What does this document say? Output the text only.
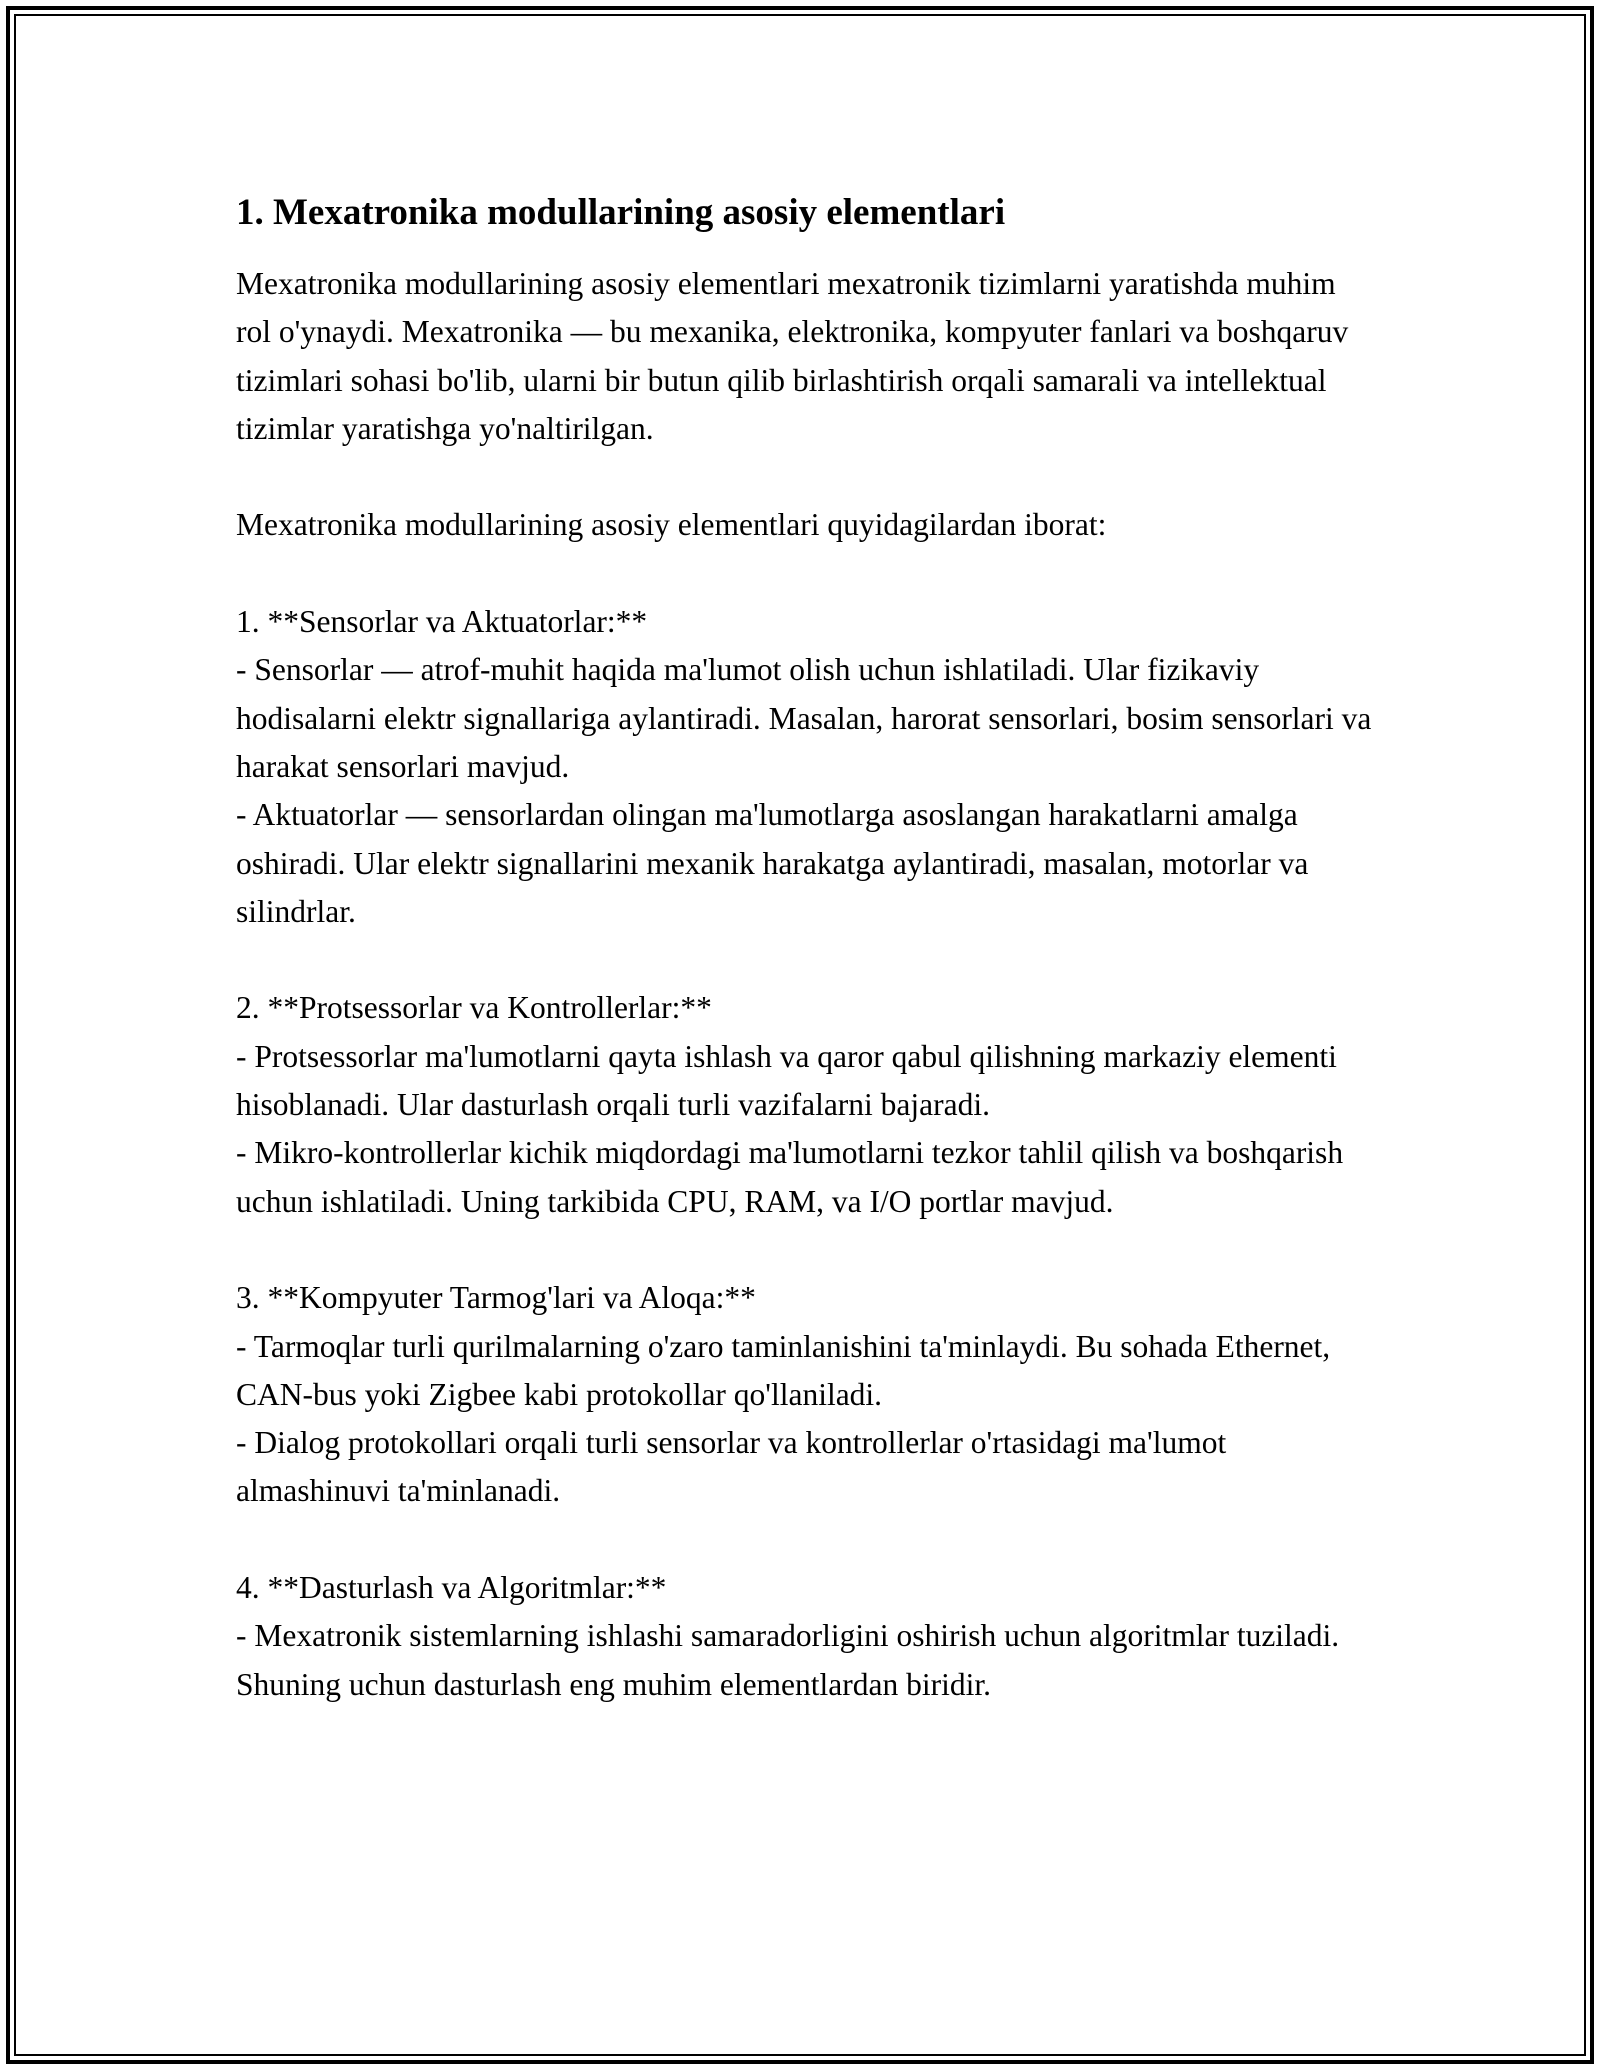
1. Mexatronika modullarining asosiy elementlari

Mexatronika modullarining asosiy elementlari mexatronik tizimlarni yaratishda muhim rol o'ynaydi. Mexatronika — bu mexanika, elektronika, kompyuter fanlari va boshqaruv tizimlari sohasi bo'lib, ularni bir butun qilib birlashtirish orqali samarali va intellektual tizimlar yaratishga yo'naltirilgan.

Mexatronika modullarining asosiy elementlari quyidagilardan iborat:

1. **Sensorlar va Aktuatorlar:**
- Sensorlar — atrof-muhit haqida ma'lumot olish uchun ishlatiladi. Ular fizikaviy hodisalarni elektr signallariga aylantiradi. Masalan, harorat sensorlari, bosim sensorlari va harakat sensorlari mavjud.
- Aktuatorlar — sensorlardan olingan ma'lumotlarga asoslangan harakatlarni amalga oshiradi. Ular elektr signallarini mexanik harakatga aylantiradi, masalan, motorlar va silindrlar.

2. **Protsessorlar va Kontrollerlar:**
- Protsessorlar ma'lumotlarni qayta ishlash va qaror qabul qilishning markaziy elementi hisoblanadi. Ular dasturlash orqali turli vazifalarni bajaradi.
- Mikro-kontrollerlar kichik miqdordagi ma'lumotlarni tezkor tahlil qilish va boshqarish uchun ishlatiladi. Uning tarkibida CPU, RAM, va I/O portlar mavjud.

3. **Kompyuter Tarmog'lari va Aloqa:**
- Tarmoqlar turli qurilmalarning o'zaro taminlanishini ta'minlaydi. Bu sohada Ethernet, CAN-bus yoki Zigbee kabi protokollar qo'llaniladi.
- Dialog protokollari orqali turli sensorlar va kontrollerlar o'rtasidagi ma'lumot almashinuvi ta'minlanadi.

4. **Dasturlash va Algoritmlar:**
- Mexatronik sistemlarning ishlashi samaradorligini oshirish uchun algoritmlar tuziladi. Shuning uchun dasturlash eng muhim elementlardan biridir.
